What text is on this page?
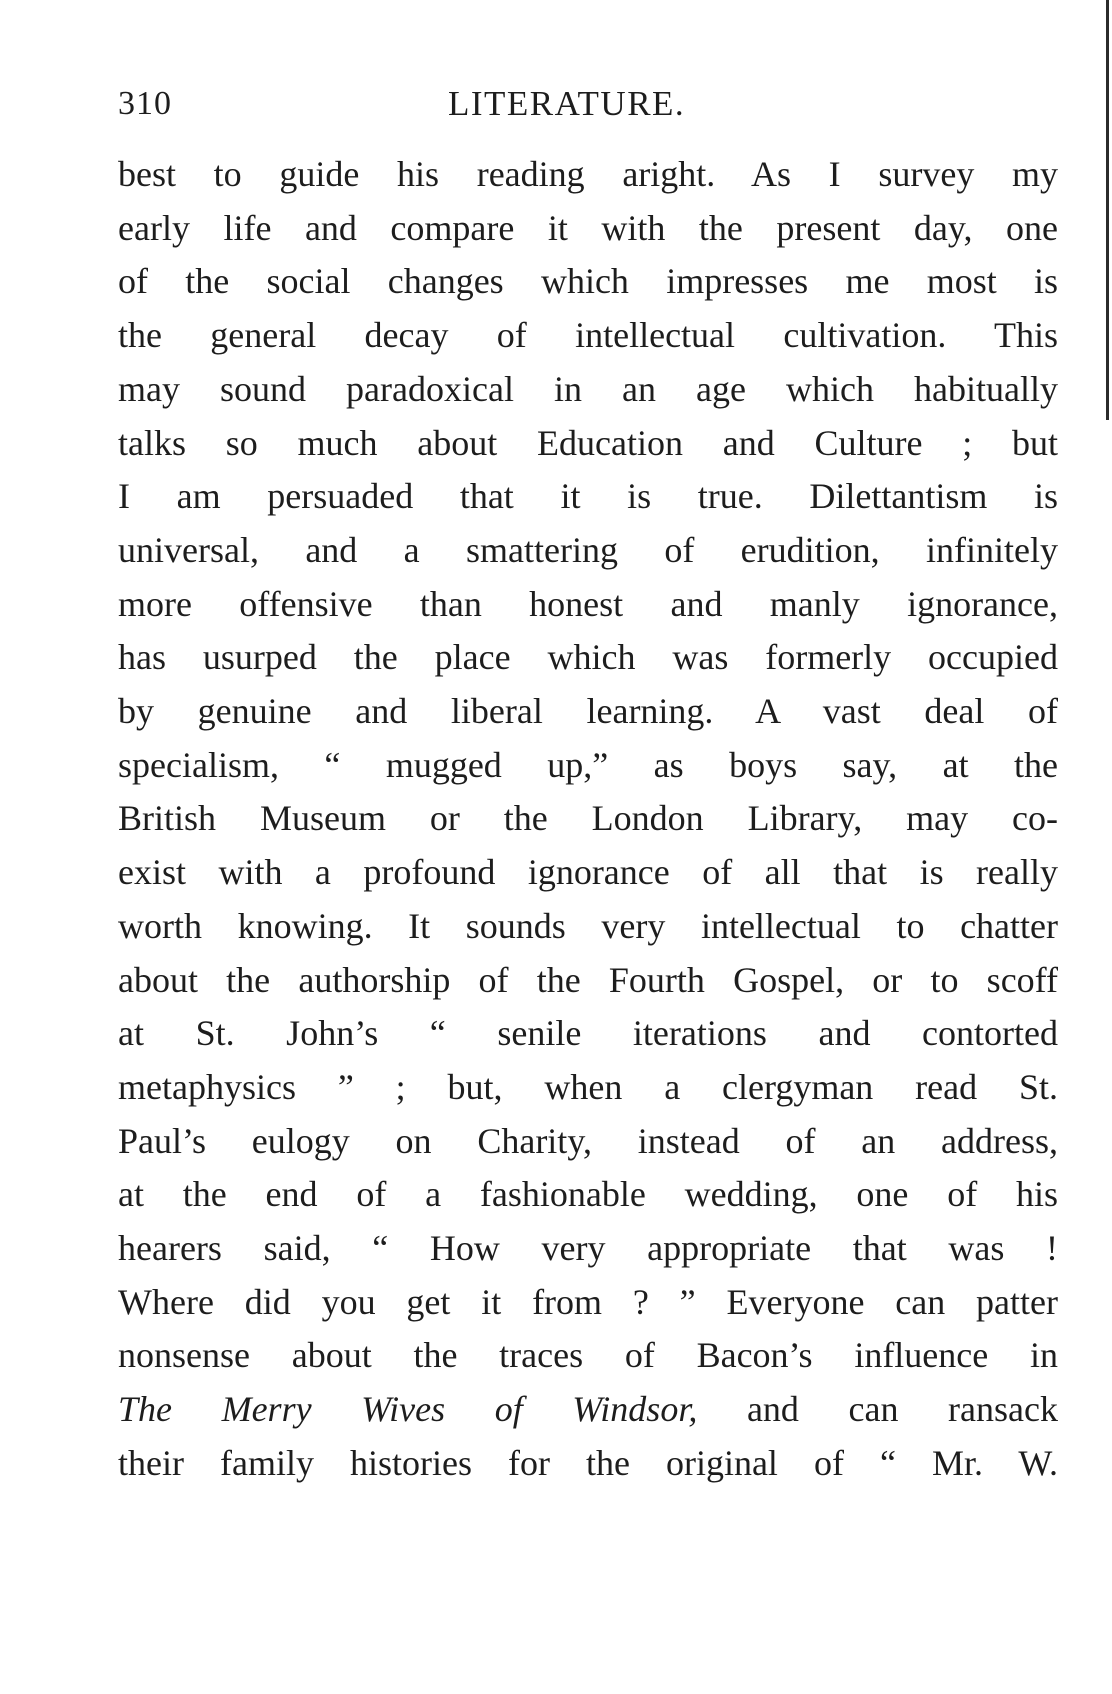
310	LITERATURE.
best to guide his reading aright. As I survey my
early life and compare it with the present day, one
of the social changes which impresses me most is
the general decay of intellectual cultivation. This
may sound paradoxical in an age which habitually
talks so much about Education and Culture ; but
I am persuaded that it is true. Dilettantism is
universal, and a smattering of erudition, infinitely
more offensive than honest and manly ignorance,
has usurped the place which was formerly occupied
by genuine and liberal learning. A vast deal of
specialism, “ mugged up,” as boys say, at the
British Museum or the London Library, may co-
exist with a profound ignorance of all that is really
worth knowing. It sounds very intellectual to chatter
about the authorship of the Fourth Gospel, or to scoff
at St. John’s “ senile iterations and contorted
metaphysics ” ; but, when a clergyman read St.
Paul’s eulogy on Charity, instead of an address,
at the end of a fashionable wedding, one of his
hearers said, “ How very appropriate that was !
Where did you get it from ? ” Everyone can patter
nonsense about the traces of Bacon’s influence in
The Merry Wives of Windsor, and can ransack
their family histories for the original of “ Mr. W.
